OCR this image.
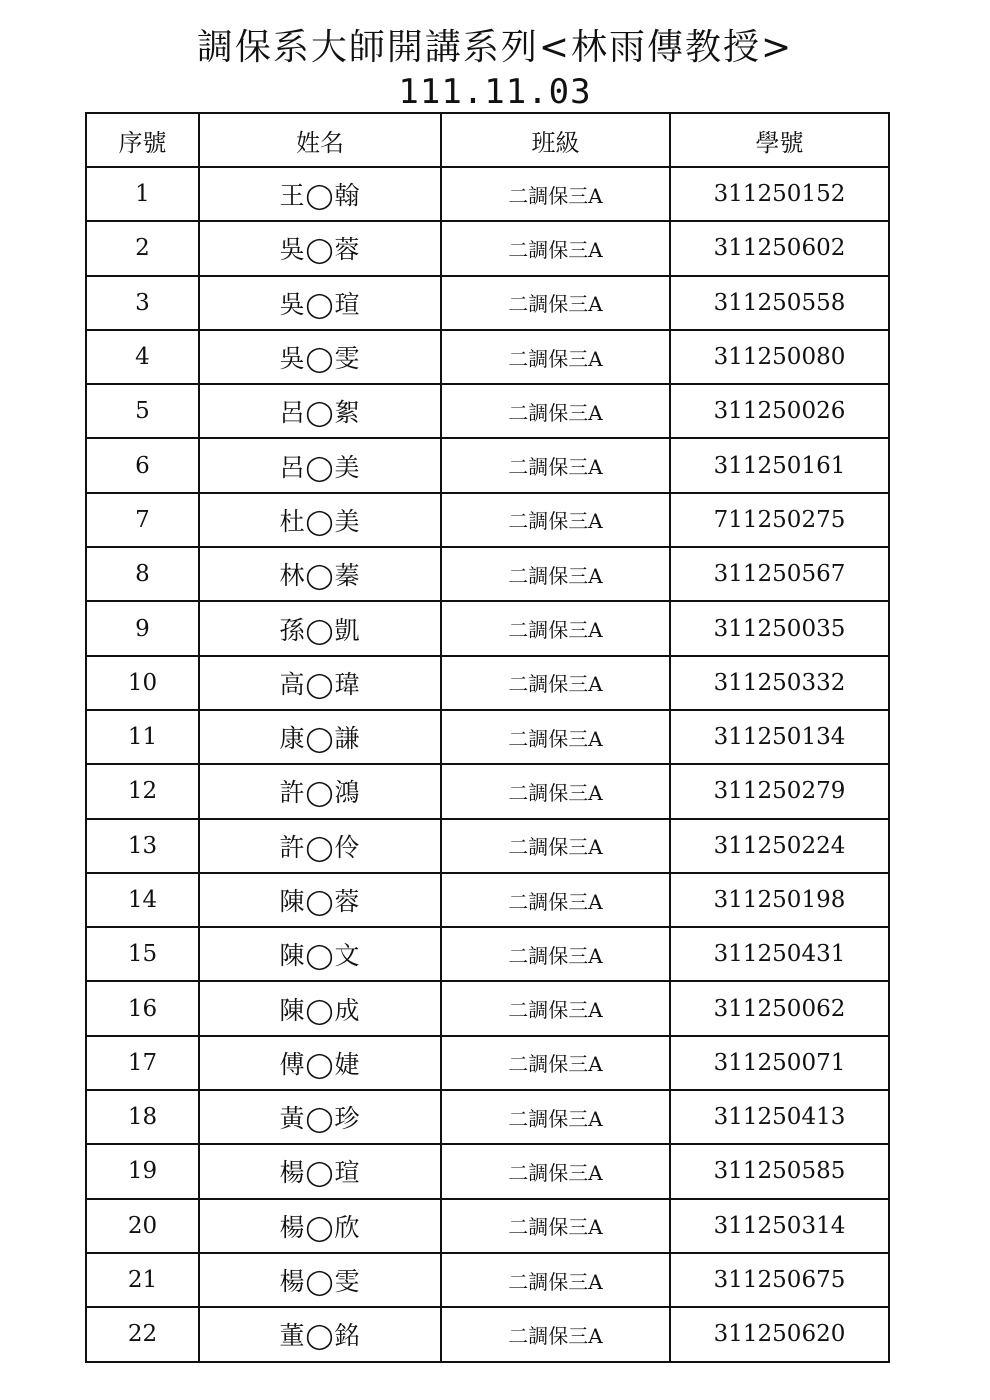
調保系大師開講系列<林雨傳教授>
111.11.03
序號	姓名	班級	學號
1	王◯翰	二調保三A	311250152
2	吳◯蓉	二調保三A	311250602
3	吳◯瑄	二調保三A	311250558
4	吳◯雯	二調保三A	311250080
5	呂◯絮	二調保三A	311250026
6	呂◯美	二調保三A	311250161
7	杜◯美	二調保三A	711250275
8	林◯蓁	二調保三A	311250567
9	孫◯凱	二調保三A	311250035
10	高◯瑋	二調保三A	311250332
11	康◯謙	二調保三A	311250134
12	許◯鴻	二調保三A	311250279
13	許◯伶	二調保三A	311250224
14	陳◯蓉	二調保三A	311250198
15	陳◯文	二調保三A	311250431
16	陳◯成	二調保三A	311250062
17	傅◯婕	二調保三A	311250071
18	黃◯珍	二調保三A	311250413
19	楊◯瑄	二調保三A	311250585
20	楊◯欣	二調保三A	311250314
21	楊◯雯	二調保三A	311250675
22	董◯銘	二調保三A	311250620
